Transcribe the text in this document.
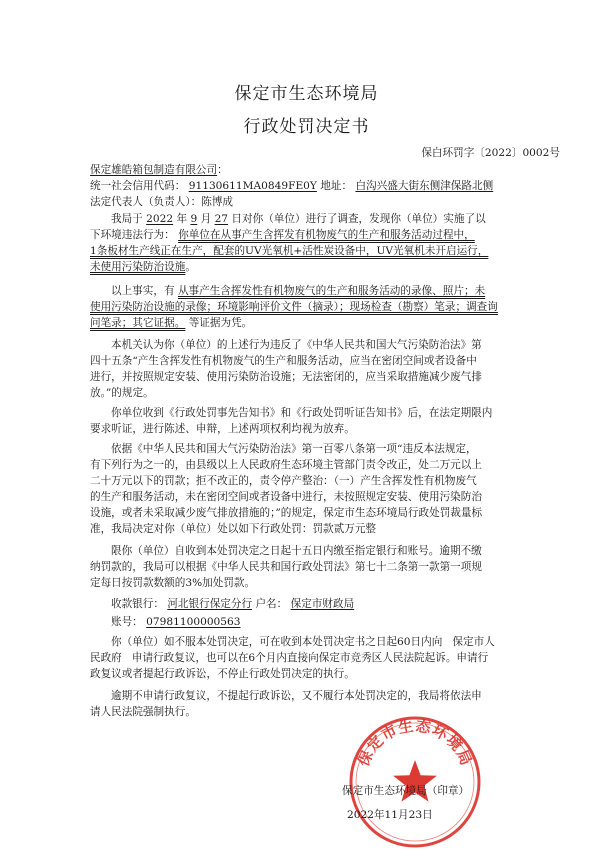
保定市生态环境局
行政处罚决定书
保白环罚字〔2022〕0002号
保定雄皓箱包制造有限公司：
统一社会信用代码： 91130611MA0849FE0Y 地址： 白沟兴盛大街东侧津保路北侧
法定代表人（负责人）：陈博成
我局于 2022 年 9 月 27 日对你（单位）进行了调查，发现你（单位）实施了以
下环境违法行为： 你单位在从事产生含挥发有机物废气的生产和服务活动过程中，
1条板材生产线正在生产，配套的UV光氧机+活性炭设备中，UV光氧机未开启运行，
未使用污染防治设施。
以上事实，有 从事产生含挥发性有机物废气的生产和服务活动的录像、照片；未
使用污染防治设施的录像；环境影响评价文件（摘录）；现场检查（勘察）笔录；调查询
问笔录；其它证据。 等证据为凭。
本机关认为你（单位）的上述行为违反了《中华人民共和国大气污染防治法》第
四十五条“产生含挥发性有机物废气的生产和服务活动，应当在密闭空间或者设备中
进行，并按照规定安装、使用污染防治设施；无法密闭的，应当采取措施减少废气排
放。”的规定。
你单位收到《行政处罚事先告知书》和《行政处罚听证告知书》后，在法定期限内
要求听证，进行陈述、申辩，上述两项权利均视为放弃。
依据《中华人民共和国大气污染防治法》第一百零八条第一项“违反本法规定，
有下列行为之一的，由县级以上人民政府生态环境主管部门责令改正，处二万元以上
二十万元以下的罚款；拒不改正的，责令停产整治：（一）产生含挥发性有机物废气
的生产和服务活动，未在密闭空间或者设备中进行，未按照规定安装、使用污染防治
设施，或者未采取减少废气排放措施的；”的规定，保定市生态环境局行政处罚裁量标
准，我局决定对你（单位）处以如下行政处罚：罚款贰万元整
限你（单位）自收到本处罚决定之日起十五日内缴至指定银行和账号。逾期不缴
纳罚款的，我局可以根据《中华人民共和国行政处罚法》第七十二条第一款第一项规
定每日按罚款数额的3%加处罚款。
收款银行： 河北银行保定分行 户名： 保定市财政局
账号： 07981100000563
你（单位）如不服本处罚决定，可在收到本处罚决定书之日起60日内向   保定市人
民政府   申请行政复议，也可以在6个月内直接向保定市竞秀区人民法院起诉。申请行
政复议或者提起行政诉讼，不停止行政处罚决定的执行。
逾期不申请行政复议，不提起行政诉讼，又不履行本处罚决定的，我局将依法申
请人民法院强制执行。
保定市生态环境局
保定市生态环境局（印章）
2022年11月23日
